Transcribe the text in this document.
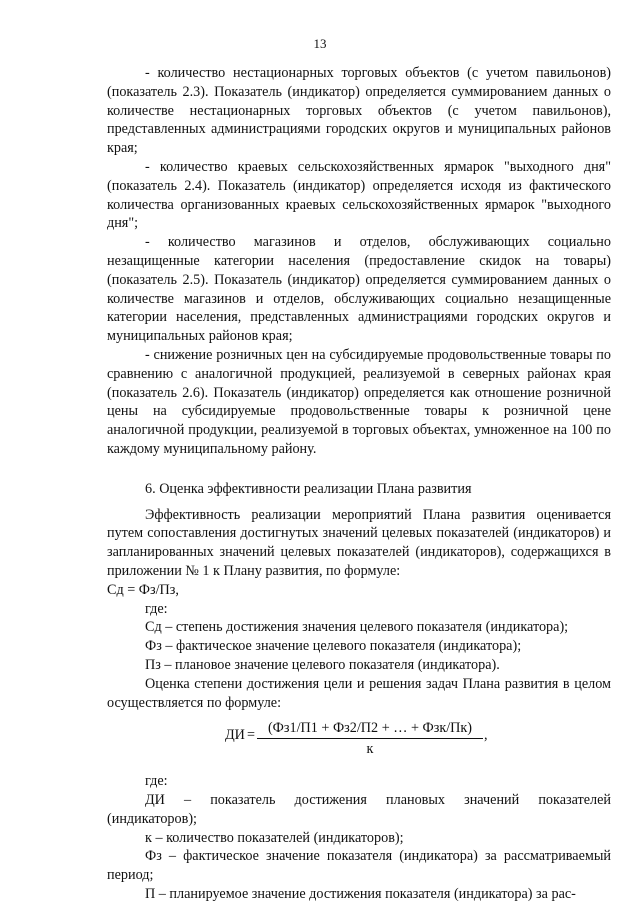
13

- количество нестационарных торговых объектов (с учетом павильонов) (показатель 2.3). Показатель (индикатор) определяется суммированием данных о количестве нестационарных торговых объектов (с учетом павильонов), представленных администрациями городских округов и муниципальных районов края;

- количество краевых сельскохозяйственных ярмарок "выходного дня" (показатель 2.4). Показатель (индикатор) определяется исходя из фактического количества организованных краевых сельскохозяйственных ярмарок "выходного дня";

- количество магазинов и отделов, обслуживающих социально незащищенные категории населения (предоставление скидок на товары) (показатель 2.5). Показатель (индикатор) определяется суммированием данных о количестве магазинов и отделов, обслуживающих социально незащищенные категории населения, представленных администрациями городских округов и муниципальных районов края;

- снижение розничных цен на субсидируемые продовольственные товары по сравнению с аналогичной продукцией, реализуемой в северных районах края (показатель 2.6). Показатель (индикатор) определяется как отношение розничной цены на субсидируемые продовольственные товары к розничной цене аналогичной продукции, реализуемой в торговых объектах, умноженное на 100 по каждому муниципальному району.

6. Оценка эффективности реализации Плана развития

Эффективность реализации мероприятий Плана развития оценивается путем сопоставления достигнутых значений целевых показателей (индикаторов) и запланированных значений целевых показателей (индикаторов), содержащихся в приложении № 1 к Плану развития, по формуле:

Сд = Фз/Пз,

где:

Сд – степень достижения значения целевого показателя (индикатора);

Фз – фактическое значение целевого показателя (индикатора);

Пз – плановое значение целевого показателя (индикатора).

Оценка степени достижения цели и решения задач Плана развития в целом осуществляется по формуле:

ДИ = (Фз1/П1 + Фз2/П2 + … + Фзк/Пк)
к
,

где:

ДИ – показатель достижения плановых значений показателей (индикаторов);

к – количество показателей (индикаторов);

Фз – фактическое значение показателя (индикатора) за рассматриваемый период;

П – планируемое значение достижения показателя (индикатора) за рас-
